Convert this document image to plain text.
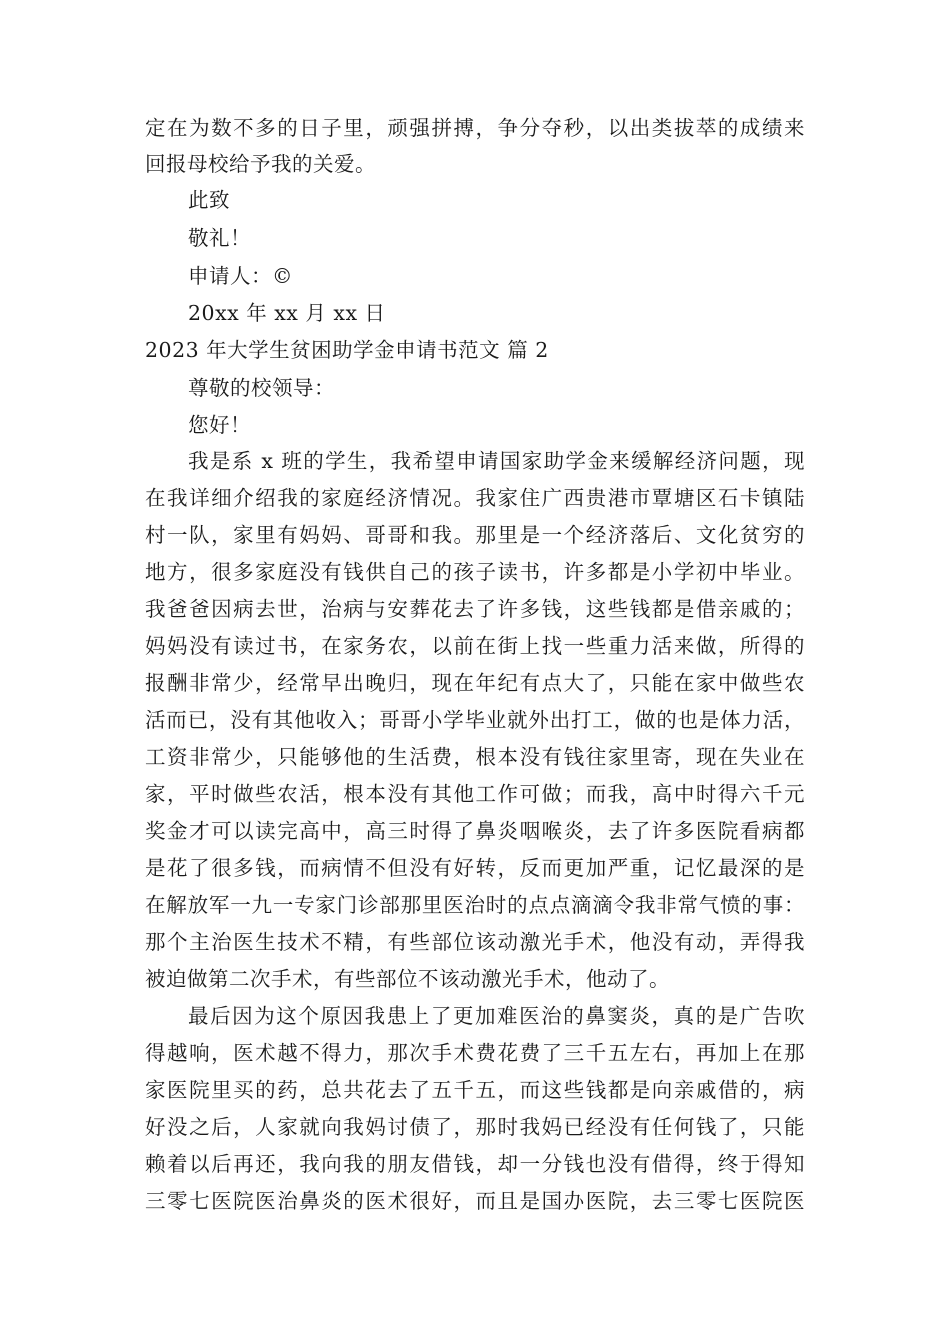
定在为数不多的日子里，顽强拼搏，争分夺秒，以出类拔萃的成绩来
回报母校给予我的关爱。
此致
敬礼！
申请人：©
20xx 年 xx 月 xx 日
2023 年大学生贫困助学金申请书范文 篇 2
尊敬的校领导：
您好！
我是系 x 班的学生，我希望申请国家助学金来缓解经济问题，现
在我详细介绍我的家庭经济情况。我家住广西贵港市覃塘区石卡镇陆
村一队，家里有妈妈、哥哥和我。那里是一个经济落后、文化贫穷的
地方，很多家庭没有钱供自己的孩子读书，许多都是小学初中毕业。
我爸爸因病去世，治病与安葬花去了许多钱，这些钱都是借亲戚的；
妈妈没有读过书，在家务农，以前在街上找一些重力活来做，所得的
报酬非常少，经常早出晚归，现在年纪有点大了，只能在家中做些农
活而已，没有其他收入；哥哥小学毕业就外出打工，做的也是体力活，
工资非常少，只能够他的生活费，根本没有钱往家里寄，现在失业在
家，平时做些农活，根本没有其他工作可做；而我，高中时得六千元
奖金才可以读完高中，高三时得了鼻炎咽喉炎，去了许多医院看病都
是花了很多钱，而病情不但没有好转，反而更加严重，记忆最深的是
在解放军一九一专家门诊部那里医治时的点点滴滴令我非常气愤的事：
那个主治医生技术不精，有些部位该动激光手术，他没有动，弄得我
被迫做第二次手术，有些部位不该动激光手术，他动了。
最后因为这个原因我患上了更加难医治的鼻窦炎，真的是广告吹
得越响，医术越不得力，那次手术费花费了三千五左右，再加上在那
家医院里买的药，总共花去了五千五，而这些钱都是向亲戚借的，病
好没之后，人家就向我妈讨债了，那时我妈已经没有任何钱了，只能
赖着以后再还，我向我的朋友借钱，却一分钱也没有借得，终于得知
三零七医院医治鼻炎的医术很好，而且是国办医院，去三零七医院医
